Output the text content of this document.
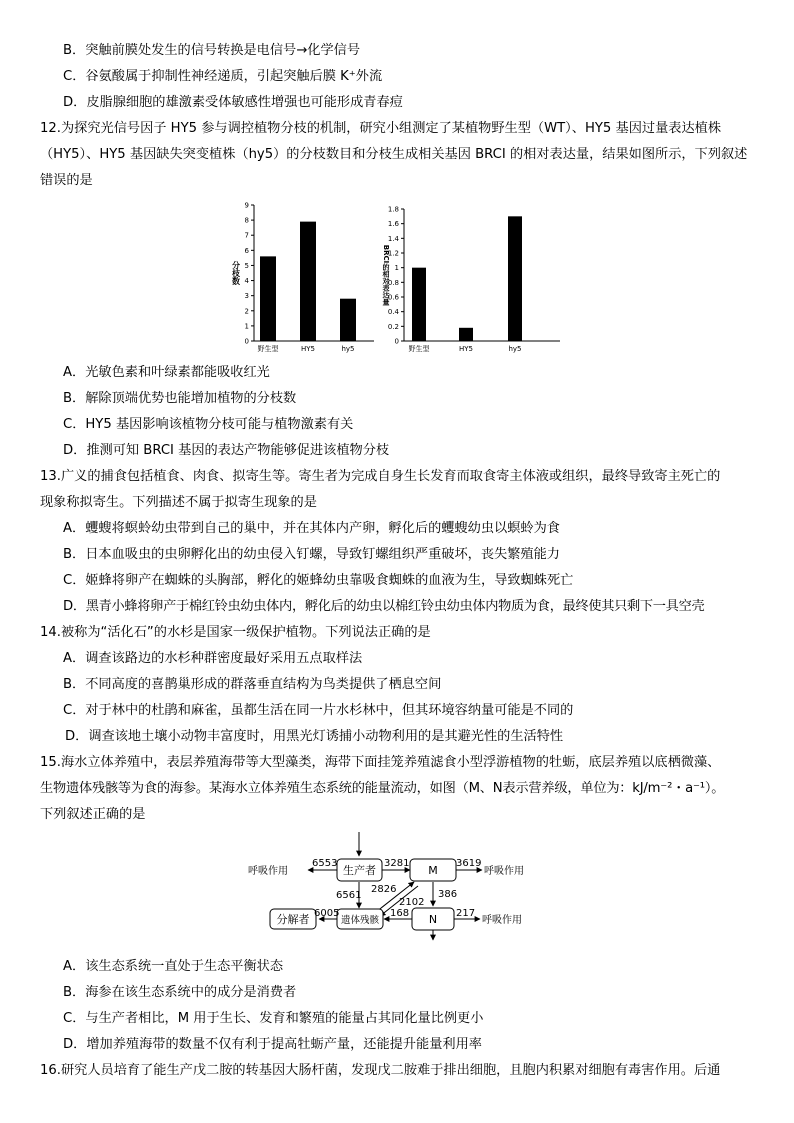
B．突触前膜处发生的信号转换是电信号→化学信号
C．谷氨酸属于抑制性神经递质，引起突触后膜 K⁺外流
D．皮脂腺细胞的雄激素受体敏感性增强也可能形成青春痘
12.为探究光信号因子 HY5 参与调控植物分枝的机制，研究小组测定了某植物野生型（WT）、HY5 基因过量表达植株
（HY5）、HY5 基因缺失突变植株（hy5）的分枝数目和分枝生成相关基因 BRCI 的相对表达量，结果如图所示，下列叙述
错误的是
0
1
2
3
4
5
6
7
8
9
野生型	HY5	hy5
分枝数
0
0.2
0.4
0.6
0.8
1
1.2
1.4
1.6
1.8
野生型	HY5	hy5
BRCI的相对表达量
A．光敏色素和叶绿素都能吸收红光
B．解除顶端优势也能增加植物的分枝数
C．HY5 基因影响该植物分枝可能与植物激素有关
D．推测可知 BRCI 基因的表达产物能够促进该植物分枝
13.广义的捕食包括植食、肉食、拟寄生等。寄生者为完成自身生长发育而取食寄主体液或组织，最终导致寄主死亡的
现象称拟寄生。下列描述不属于拟寄生现象的是
A．蠼螋将螟蛉幼虫带到自己的巢中，并在其体内产卵，孵化后的蠼螋幼虫以螟蛉为食
B．日本血吸虫的虫卵孵化出的幼虫侵入钉螺，导致钉螺组织严重破坏，丧失繁殖能力
C．姬蜂将卵产在蜘蛛的头胸部，孵化的姬蜂幼虫靠吸食蜘蛛的血液为生，导致蜘蛛死亡
D．黑青小蜂将卵产于棉红铃虫幼虫体内，孵化后的幼虫以棉红铃虫幼虫体内物质为食，最终使其只剩下一具空壳
14.被称为“活化石”的水杉是国家一级保护植物。下列说法正确的是
A．调查该路边的水杉种群密度最好采用五点取样法
B．不同高度的喜鹊巢形成的群落垂直结构为鸟类提供了栖息空间
C．对于林中的杜鹃和麻雀，虽都生活在同一片水杉林中，但其环境容纳量可能是不同的
D．调查该地土壤小动物丰富度时，用黑光灯诱捕小动物利用的是其避光性的生活特性
15.海水立体养殖中，表层养殖海带等大型藻类，海带下面挂笼养殖滤食小型浮游植物的牡蛎，底层养殖以底栖微藻、
生物遗体残骸等为食的海参。某海水立体养殖生态系统的能量流动，如图（M、N表示营养级，单位为：kJ/m⁻²・a⁻¹）。
下列叙述正确的是
生产者	M
N
遗体残骸
分解者
呼吸作用	呼吸作用
呼吸作用
6553	3281	3619
6561
2826
2102
386
6005	168	217
A．该生态系统一直处于生态平衡状态
B．海参在该生态系统中的成分是消费者
C．与生产者相比，M 用于生长、发育和繁殖的能量占其同化量比例更小
D．增加养殖海带的数量不仅有利于提高牡蛎产量，还能提升能量利用率
16.研究人员培育了能生产戊二胺的转基因大肠杆菌，发现戊二胺难于排出细胞，且胞内积累对细胞有毒害作用。后通
